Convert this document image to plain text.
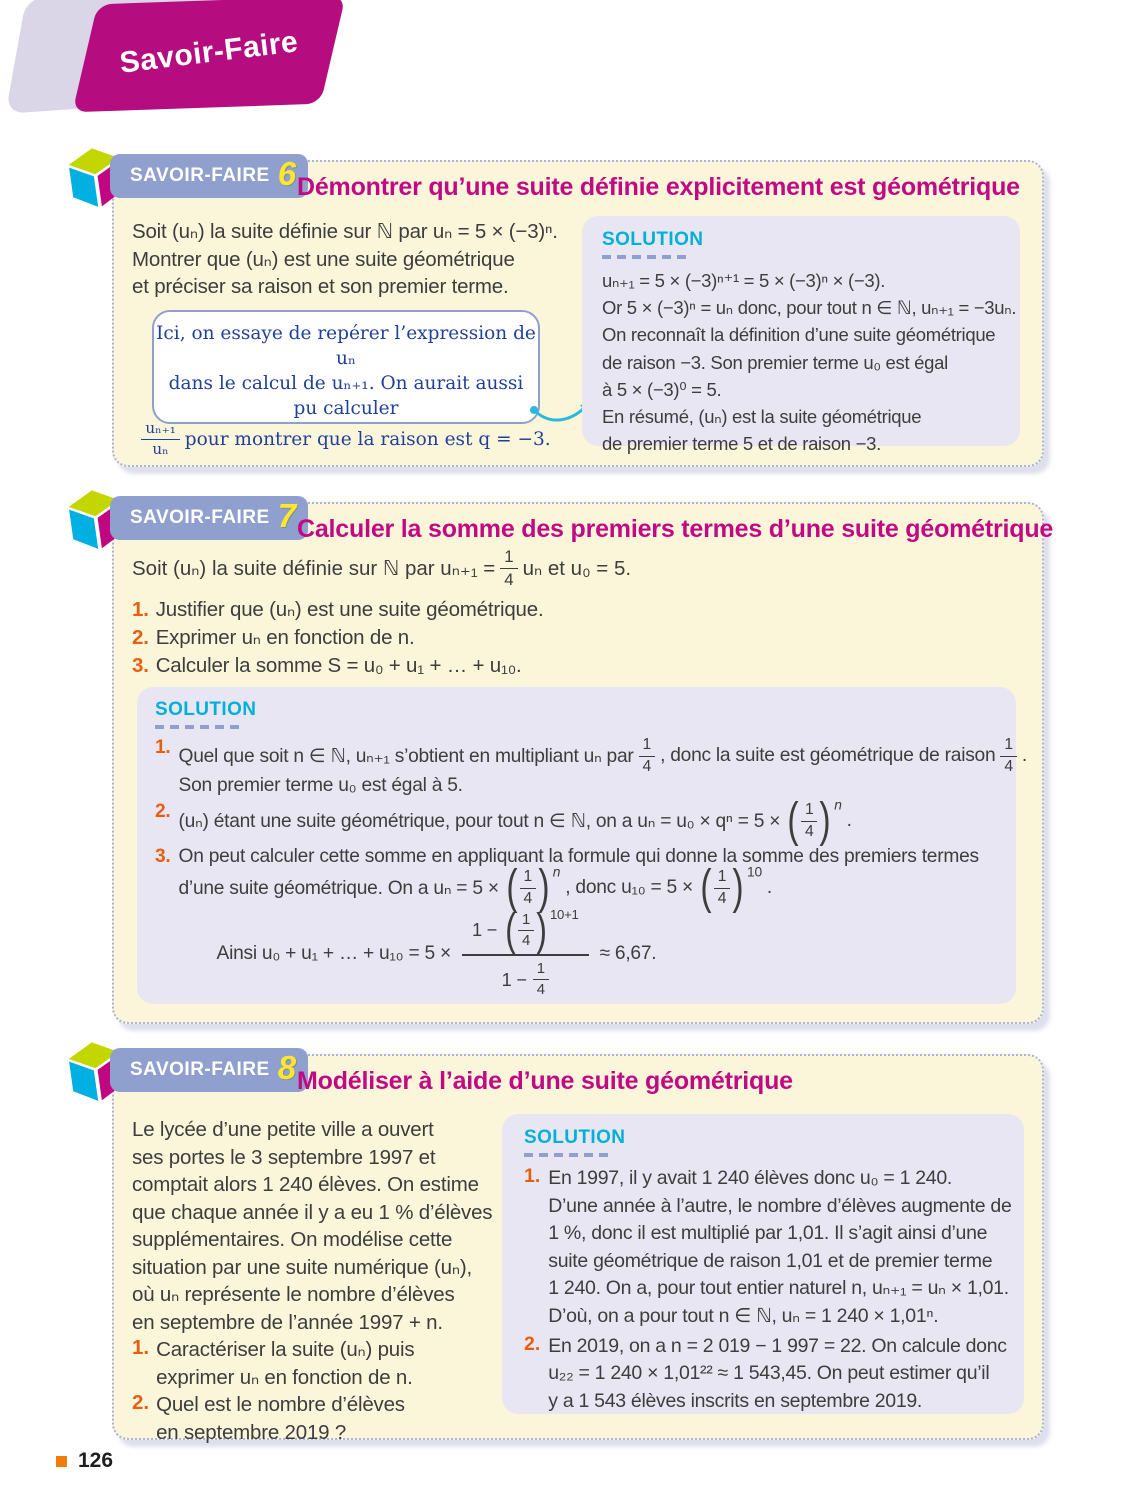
Savoir-Faire
SAVOIR-FAIRE 6 Démontrer qu’une suite définie explicitement est géométrique

Soit (uₙ) la suite définie sur ℕ par uₙ = 5 × (−3)ⁿ.

Montrer que (uₙ) est une suite géométrique

et préciser sa raison et son premier terme.

Ici, on essaye de repérer l’expression de uₙ
dans le calcul de uₙ₊₁. On aurait aussi pu calculer
$\frac{\text{uₙ₊₁}}{\text{uₙ}}$ pour montrer que la raison est q = −3.
SOLUTION

uₙ₊₁ = 5 × (−3)ⁿ⁺¹ = 5 × (−3)ⁿ × (−3).

Or 5 × (−3)ⁿ = uₙ donc, pour tout n ∈ ℕ, uₙ₊₁ = −3uₙ.

On reconnaît la définition d’une suite géométrique

de raison −3. Son premier terme u₀ est égal

à 5 × (−3)⁰ = 5.

En résumé, (uₙ) est la suite géométrique

de premier terme 5 et de raison −3.

SAVOIR-FAIRE 7 Calculer la somme des premiers termes d’une suite géométrique
Soit (uₙ) la suite définie sur ℕ par $u_{n+1} = \frac{1}{4}$ uₙ et u₀ = 5.
1. Justifier que (uₙ) est une suite géométrique.
2. Exprimer uₙ en fonction de n.
3. Calculer la somme S = u₀ + u₁ + … + u₁₀.
SOLUTION
1. Quel que soit n ∈ ℕ, uₙ₊₁ s’obtient en multipliant uₙ par $\frac{1}{4}$ , donc la suite est géométrique de raison $\frac{1}{4}$ .

Son premier terme u₀ est égal à 5.

2. (uₙ) étant une suite géométrique, pour tout n ∈ ℕ, on a uₙ = u₀ × qⁿ = 5 × ( $\frac{1}{4} )^n$
.
3. On peut calculer cette somme en appliquant la formule qui donne la somme des premiers termes

d’une suite géométrique. On a uₙ = 5 × ( $\frac{1}{4} )^n$
, donc u₁₀ = 5 × ( $\frac{1}{4} )^{10}$
.
Ainsi u₀ + u₁ + … + u₁₀ = 5 ×
1 − ( $\frac{1}{4} )^{10+1}$
$1 - \frac{1}{4}$
≈ 6,67.
SAVOIR-FAIRE 8 Modéliser à l’aide d’une suite géométrique

Le lycée d’une petite ville a ouvert

ses portes le 3 septembre 1997 et

comptait alors 1 240 élèves. On estime

que chaque année il y a eu 1 % d’élèves

supplémentaires. On modélise cette

situation par une suite numérique (uₙ),

où uₙ représente le nombre d’élèves

en septembre de l’année 1997 + n.

1. Caractériser la suite (uₙ) puis

exprimer uₙ en fonction de n.

2. Quel est le nombre d’élèves

en septembre 2019 ?

SOLUTION
1. En 1997, il y avait 1 240 élèves donc u₀ = 1 240.

D’une année à l’autre, le nombre d’élèves augmente de

1 %, donc il est multiplié par 1,01. Il s’agit ainsi d’une

suite géométrique de raison 1,01 et de premier terme

1 240. On a, pour tout entier naturel n, uₙ₊₁ = uₙ × 1,01.

D’où, on a pour tout n ∈ ℕ, uₙ = 1 240 × 1,01ⁿ.

2. En 2019, on a n = 2 019 − 1 997 = 22. On calcule donc

u₂₂ = 1 240 × 1,01²² ≈ 1 543,45. On peut estimer qu’il

y a 1 543 élèves inscrits en septembre 2019.

126
